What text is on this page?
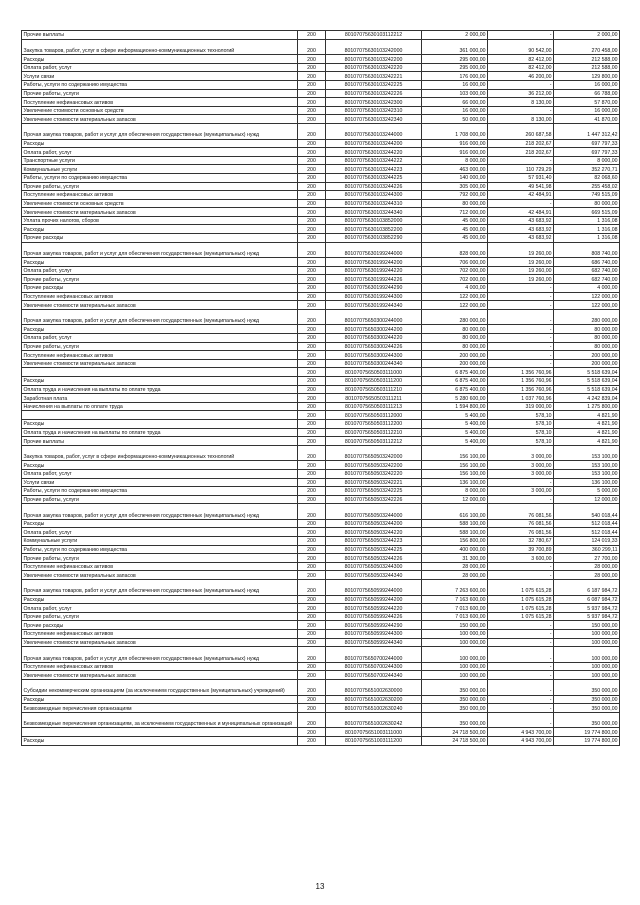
Прочие выплаты	200	80107075630103112212	2 000,00	-	2 000,00
Закупка товаров, работ, услуг в сфере информационно-коммуникационных технологий	200	80107075630103242000	361 000,00	90 542,00	270 458,00
Расходы	200	80107075630103242200	295 000,00	82 412,00	212 588,00
Оплата работ, услуг	200	80107075630103242220	295 000,00	82 412,00	212 588,00
Услуги связи	200	80107075630103242221	176 000,00	46 200,00	129 800,00
Работы, услуги по содержанию имущества	200	80107075630103242225	16 000,00	-	16 000,00
Прочие работы, услуги	200	80107075630103242226	103 000,00	36 212,00	66 788,00
Поступление нефинансовых активов	200	80107075630103242300	66 000,00	8 130,00	57 870,00
Увеличение стоимости основных средств	200	80107075630103242310	16 000,00	-	16 000,00
Увеличение стоимости материальных запасов	200	80107075630103242340	50 000,00	8 130,00	41 870,00
Прочая закупка товаров, работ и услуг для обеспечения государственных (муниципальных) нужд	200	80107075630103244000	1 708 000,00	260 687,58	1 447 312,42
Расходы	200	80107075630103244200	916 000,00	218 202,67	697 797,33
Оплата работ, услуг	200	80107075630103244220	916 000,00	218 202,67	697 797,33
Транспортные услуги	200	80107075630103244222	8 000,00	-	8 000,00
Коммунальные услуги	200	80107075630103244223	463 000,00	110 729,29	352 270,71
Работы, услуги по содержанию имущества	200	80107075630103244225	140 000,00	57 931,40	82 068,60
Прочие работы, услуги	200	80107075630103244226	305 000,00	49 541,98	255 458,02
Поступление нефинансовых активов	200	80107075630103244300	792 000,00	42 484,91	749 515,09
Увеличение стоимости основных средств	200	80107075630103244310	80 000,00	-	80 000,00
Увеличение стоимости материальных запасов	200	80107075630103244340	712 000,00	42 484,91	669 515,09
Уплата прочих налогов, сборов	200	80107075630103852000	45 000,00	43 683,92	1 316,08
Расходы	200	80107075630103852200	45 000,00	43 683,92	1 316,08
Прочие расходы	200	80107075630103852290	45 000,00	43 683,92	1 316,08
Прочая закупка товаров, работ и услуг для обеспечения государственных (муниципальных) нужд	200	80107075630199244000	828 000,00	19 260,00	808 740,00
Расходы	200	80107075630199244200	706 000,00	19 260,00	686 740,00
Оплата работ, услуг	200	80107075630199244220	702 000,00	19 260,00	682 740,00
Прочие работы, услуги	200	80107075630199244226	702 000,00	19 260,00	682 740,00
Прочие расходы	200	80107075630199244290	4 000,00	-	4 000,00
Поступление нефинансовых активов	200	80107075630199244300	122 000,00	-	122 000,00
Увеличение стоимости материальных запасов	200	80107075630199244340	122 000,00	-	122 000,00
Прочая закупка товаров, работ и услуг для обеспечения государственных (муниципальных) нужд	200	80107075650300244000	280 000,00	-	280 000,00
Расходы	200	80107075650300244200	80 000,00	-	80 000,00
Оплата работ, услуг	200	80107075650300244220	80 000,00	-	80 000,00
Прочие работы, услуги	200	80107075650300244226	80 000,00	-	80 000,00
Поступление нефинансовых активов	200	80107075650300244300	200 000,00	-	200 000,00
Увеличение стоимости материальных запасов	200	80107075650300244340	200 000,00	-	200 000,00
	200	80107075650503111000	6 875 400,00	1 356 760,96	5 518 639,04
Расходы	200	80107075650503111200	6 875 400,00	1 356 760,96	5 518 639,04
Оплата труда и начисления на выплаты по оплате труда	200	80107075650503111210	6 875 400,00	1 356 760,96	5 518 639,04
Заработная плата	200	80107075650503111211	5 280 600,00	1 037 760,96	4 242 839,04
Начисления на выплаты по оплате труда	200	80107075650503111213	1 594 800,00	319 000,00	1 275 800,00
	200	80107075650503112000	5 400,00	578,10	4 821,90
Расходы	200	80107075650503112200	5 400,00	578,10	4 821,90
Оплата труда и начисления на выплаты по оплате труда	200	80107075650503112210	5 400,00	578,10	4 821,90
Прочие выплаты	200	80107075650503112212	5 400,00	578,10	4 821,90
Закупка товаров, работ, услуг в сфере информационно-коммуникационных технологий	200	80107075650503242000	156 100,00	3 000,00	153 100,00
Расходы	200	80107075650503242200	156 100,00	3 000,00	153 100,00
Оплата работ, услуг	200	80107075650503242220	156 100,00	3 000,00	153 100,00
Услуги связи	200	80107075650503242221	136 100,00	-	136 100,00
Работы, услуги по содержанию имущества	200	80107075650503242225	8 000,00	3 000,00	5 000,00
Прочие работы, услуги	200	80107075650503242226	12 000,00	-	12 000,00
Прочая закупка товаров, работ и услуг для обеспечения государственных (муниципальных) нужд	200	80107075650503244000	616 100,00	76 081,56	540 018,44
Расходы	200	80107075650503244200	588 100,00	76 081,56	512 018,44
Оплата работ, услуг	200	80107075650503244220	588 100,00	76 081,56	512 018,44
Коммунальные услуги	200	80107075650503244223	156 800,00	32 780,67	124 019,33
Работы, услуги по содержанию имущества	200	80107075650503244225	400 000,00	39 700,89	360 299,11
Прочие работы, услуги	200	80107075650503244226	31 300,00	3 600,00	27 700,00
Поступление нефинансовых активов	200	80107075650503244300	28 000,00	-	28 000,00
Увеличение стоимости материальных запасов	200	80107075650503244340	28 000,00	-	28 000,00
Прочая закупка товаров, работ и услуг для обеспечения государственных (муниципальных) нужд	200	80107075650599244000	7 263 600,00	1 075 615,28	6 187 984,72
Расходы	200	80107075650599244200	7 163 600,00	1 075 615,28	6 087 984,72
Оплата работ, услуг	200	80107075650599244220	7 013 600,00	1 075 615,28	5 937 984,72
Прочие работы, услуги	200	80107075650599244226	7 013 600,00	1 075 615,28	5 937 984,72
Прочие расходы	200	80107075650599244290	150 000,00	-	150 000,00
Поступление нефинансовых активов	200	80107075650599244300	100 000,00	-	100 000,00
Увеличение стоимости материальных запасов	200	80107075650599244340	100 000,00	-	100 000,00
Прочая закупка товаров, работ и услуг для обеспечения государственных (муниципальных) нужд	200	80107075650700244000	100 000,00	-	100 000,00
Поступление нефинансовых активов	200	80107075650700244300	100 000,00	-	100 000,00
Увеличение стоимости материальных запасов	200	80107075650700244340	100 000,00	-	100 000,00
Субсидии некоммерческим организациям (за исключением государственных (муниципальных) учреждений)	200	80107075651002630000	350 000,00	-	350 000,00
Расходы	200	80107075651002630200	350 000,00	-	350 000,00
Безвозмездные перечисления организациям	200	80107075651002630240	350 000,00	-	350 000,00
Безвозмездные перечисления организациям, за исключением государственных и муниципальных организаций	200	80107075651002630242	350 000,00	-	350 000,00
	200	80107075651003111000	24 718 500,00	4 943 700,00	19 774 800,00
Расходы	200	80107075651003111200	24 718 500,00	4 943 700,00	19 774 800,00
13
